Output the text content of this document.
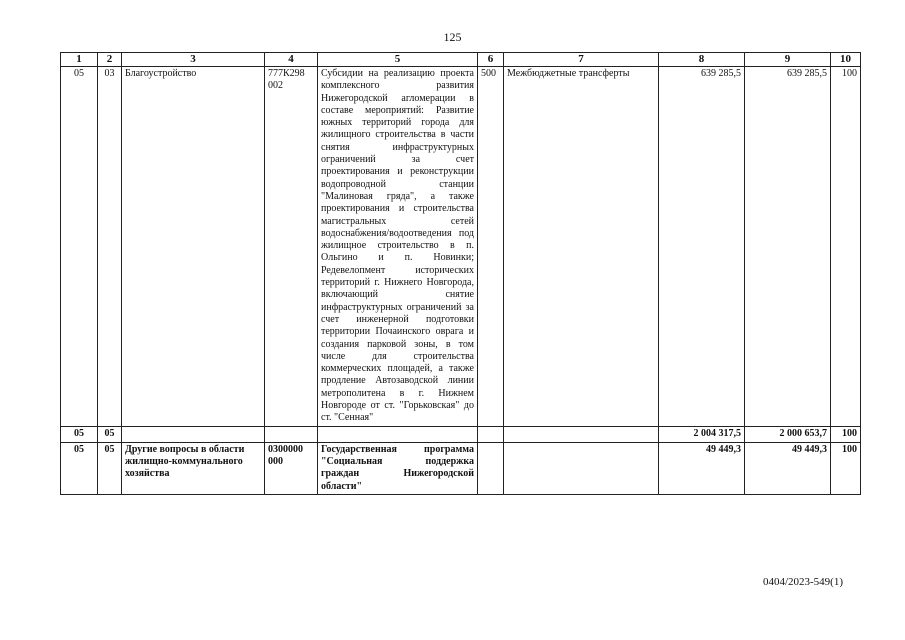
125
1	2	3	4	5	6	7	8	9	10
05	03	Благоустройство	777К298 002	Субсидии на реализацию проекта комплексного развития Нижегородской агломерации в составе мероприятий: Развитие южных территорий города для жилищного строительства в части снятия инфраструктурных ограничений за счет проектирования и реконструкции водопроводной станции "Малиновая гряда", а также проектирования и строительства магистральных сетей водоснабжения/водоотведения под жилищное строительство в п. Ольгино и п. Новинки; Редевелопмент исторических территорий г. Нижнего Новгорода, включающий снятие инфраструктурных ограничений за счет инженерной подготовки территории Почаинского оврага и создания парковой зоны, в том числе для строительства коммерческих площадей, а также продление Автозаводской линии метрополитена в г. Нижнем Новгороде от ст. "Горьковская" до ст. "Сенная"	500	Межбюджетные трансферты	639 285,5	639 285,5	100
05	05						2 004 317,5	2 000 653,7	100
05	05	Другие вопросы в области жилищно-коммунального хозяйства	0300000 000	Государственная программа "Социальная поддержка граждан Нижегородской области"			49 449,3	49 449,3	100
0404/2023-549(1)
